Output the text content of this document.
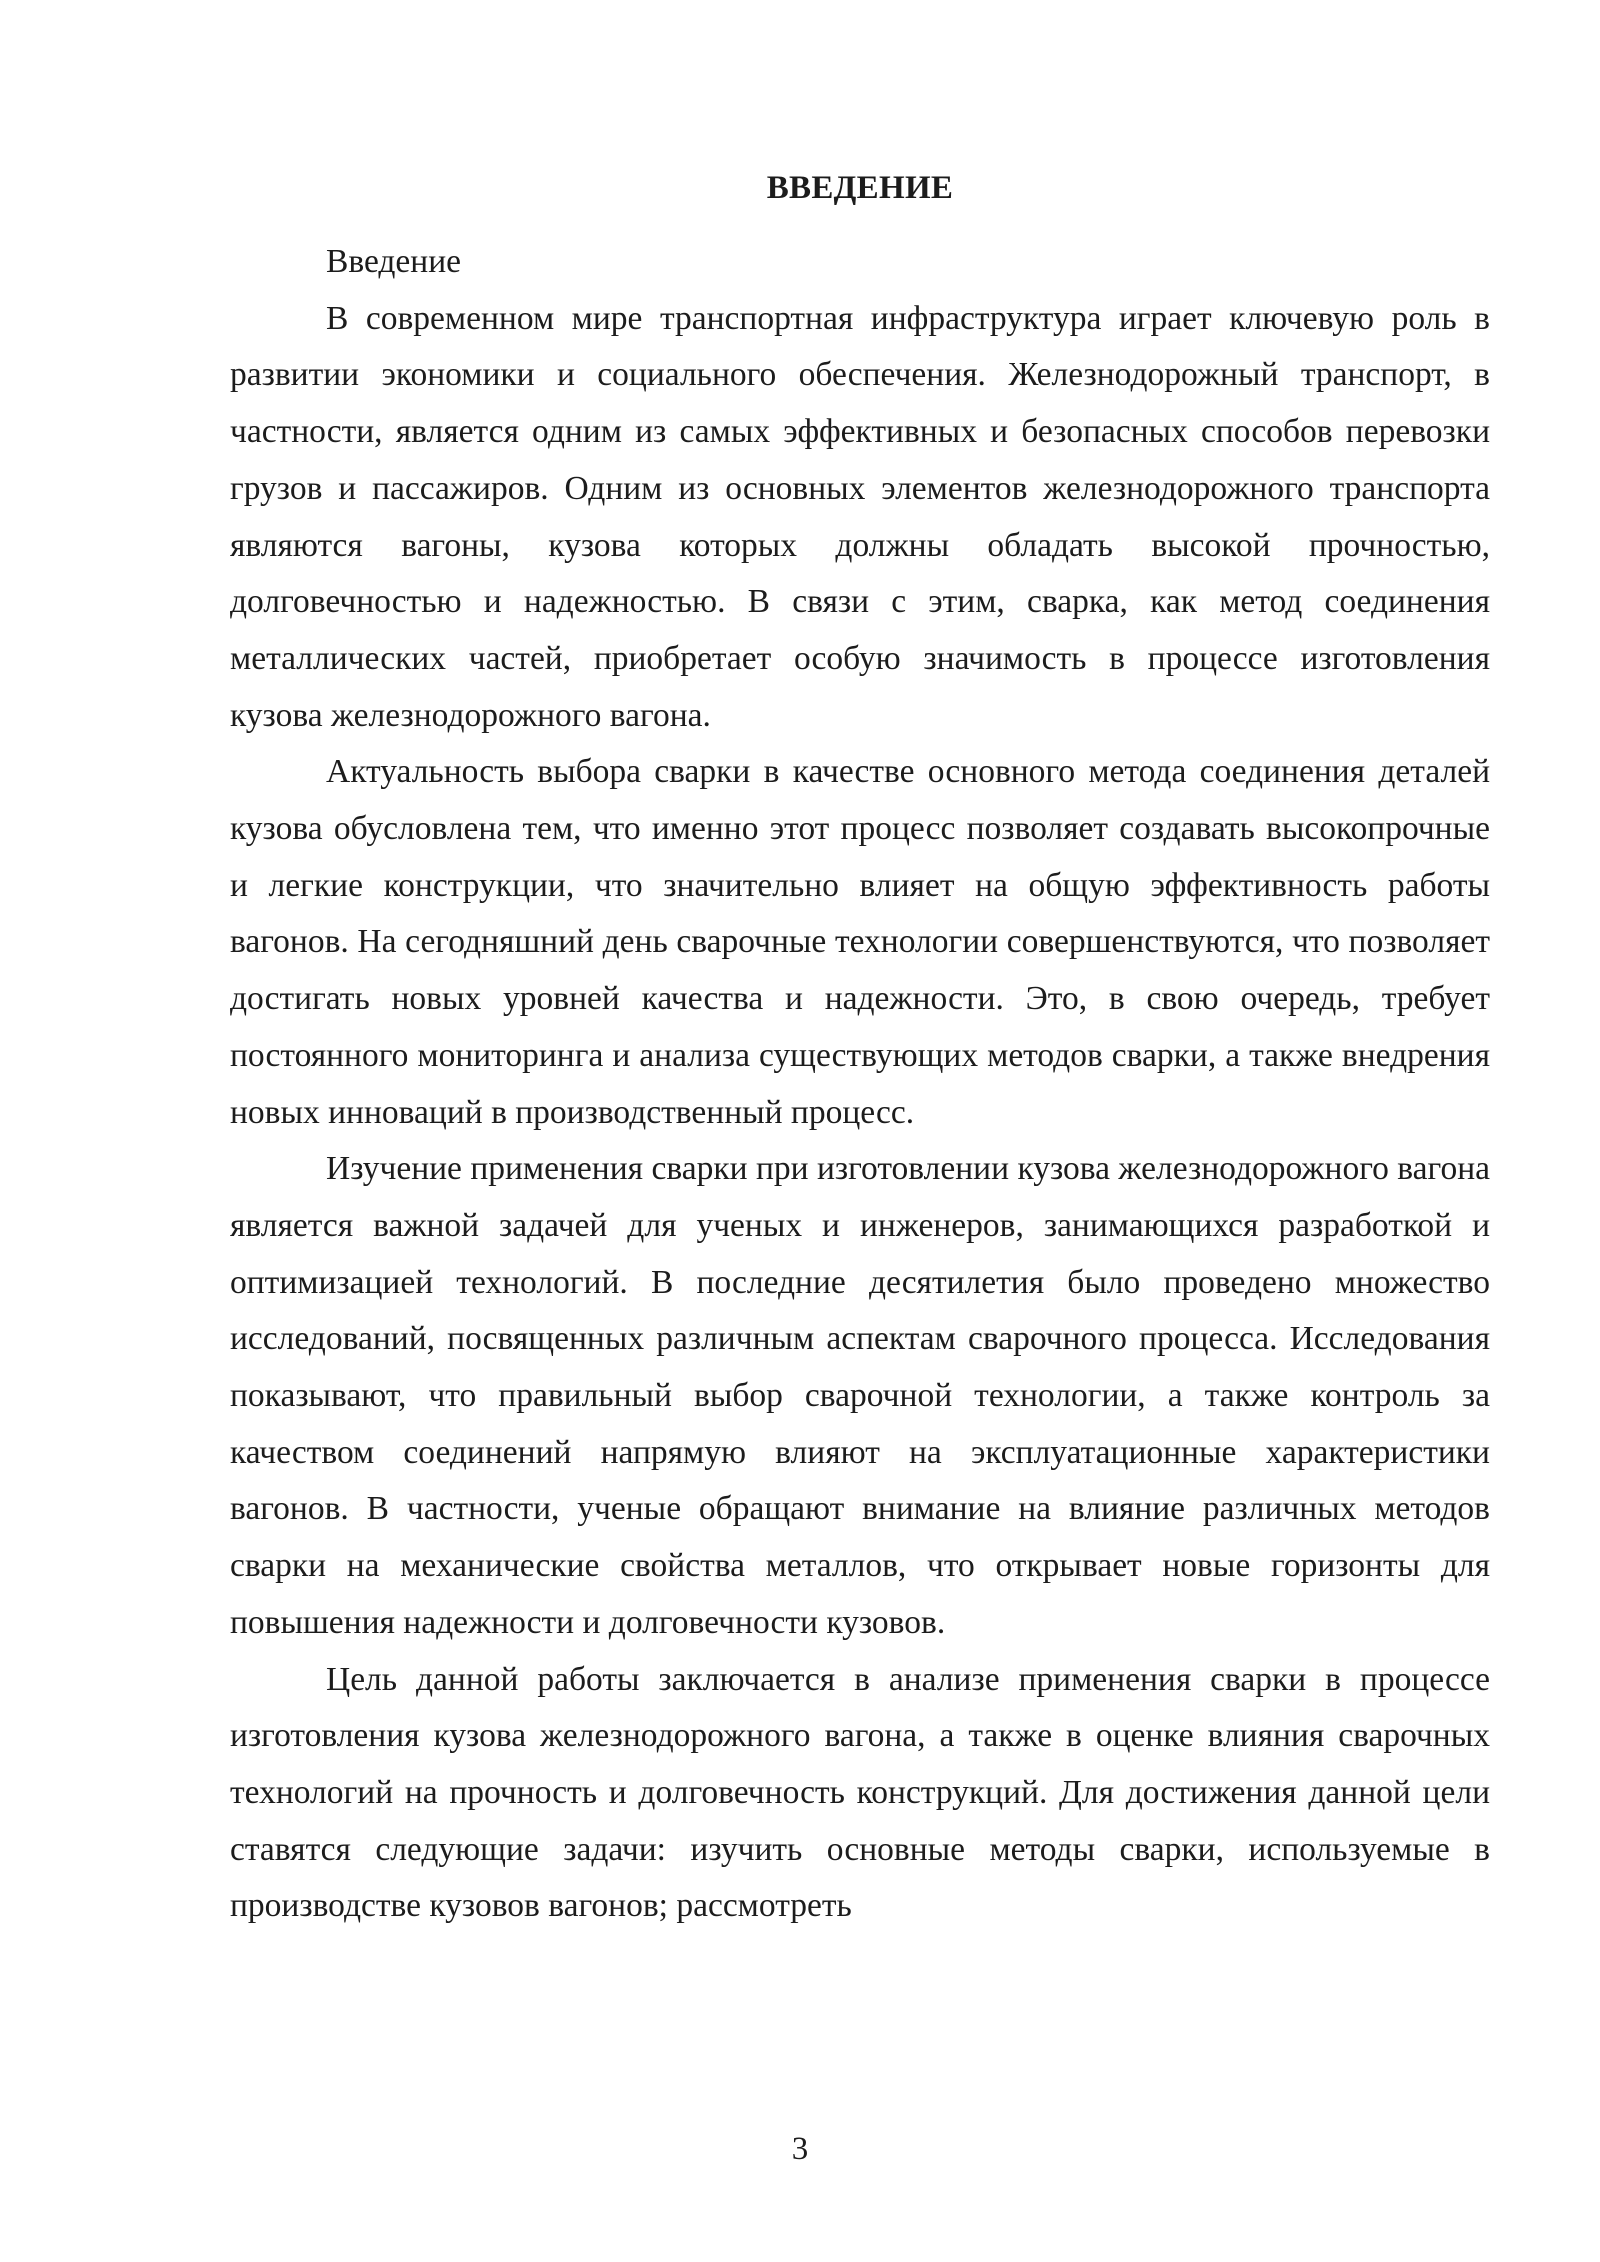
ВВЕДЕНИЕ

Введение

В современном мире транспортная инфраструктура играет ключевую роль в развитии экономики и социального обеспечения. Железнодорожный транспорт, в частности, является одним из самых эффективных и безопасных способов перевозки грузов и пассажиров. Одним из основных элементов железнодорожного транспорта являются вагоны, кузова которых должны обладать высокой прочностью, долговечностью и надежностью. В связи с этим, сварка, как метод соединения металлических частей, приобретает особую значимость в процессе изготовления кузова железнодорожного вагона.

Актуальность выбора сварки в качестве основного метода соединения деталей кузова обусловлена тем, что именно этот процесс позволяет создавать высокопрочные и легкие конструкции, что значительно влияет на общую эффективность работы вагонов. На сегодняшний день сварочные технологии совершенствуются, что позволяет достигать новых уровней качества и надежности. Это, в свою очередь, требует постоянного мониторинга и анализа существующих методов сварки, а также внедрения новых инноваций в производственный процесс.

Изучение применения сварки при изготовлении кузова железнодорожного вагона является важной задачей для ученых и инженеров, занимающихся разработкой и оптимизацией технологий. В последние десятилетия было проведено множество исследований, посвященных различным аспектам сварочного процесса. Исследования показывают, что правильный выбор сварочной технологии, а также контроль за качеством соединений напрямую влияют на эксплуатационные характеристики вагонов. В частности, ученые обращают внимание на влияние различных методов сварки на механические свойства металлов, что открывает новые горизонты для повышения надежности и долговечности кузовов.

Цель данной работы заключается в анализе применения сварки в процессе изготовления кузова железнодорожного вагона, а также в оценке влияния сварочных технологий на прочность и долговечность конструкций. Для достижения данной цели ставятся следующие задачи: изучить основные методы сварки, используемые в производстве кузовов вагонов; рассмотреть

3
